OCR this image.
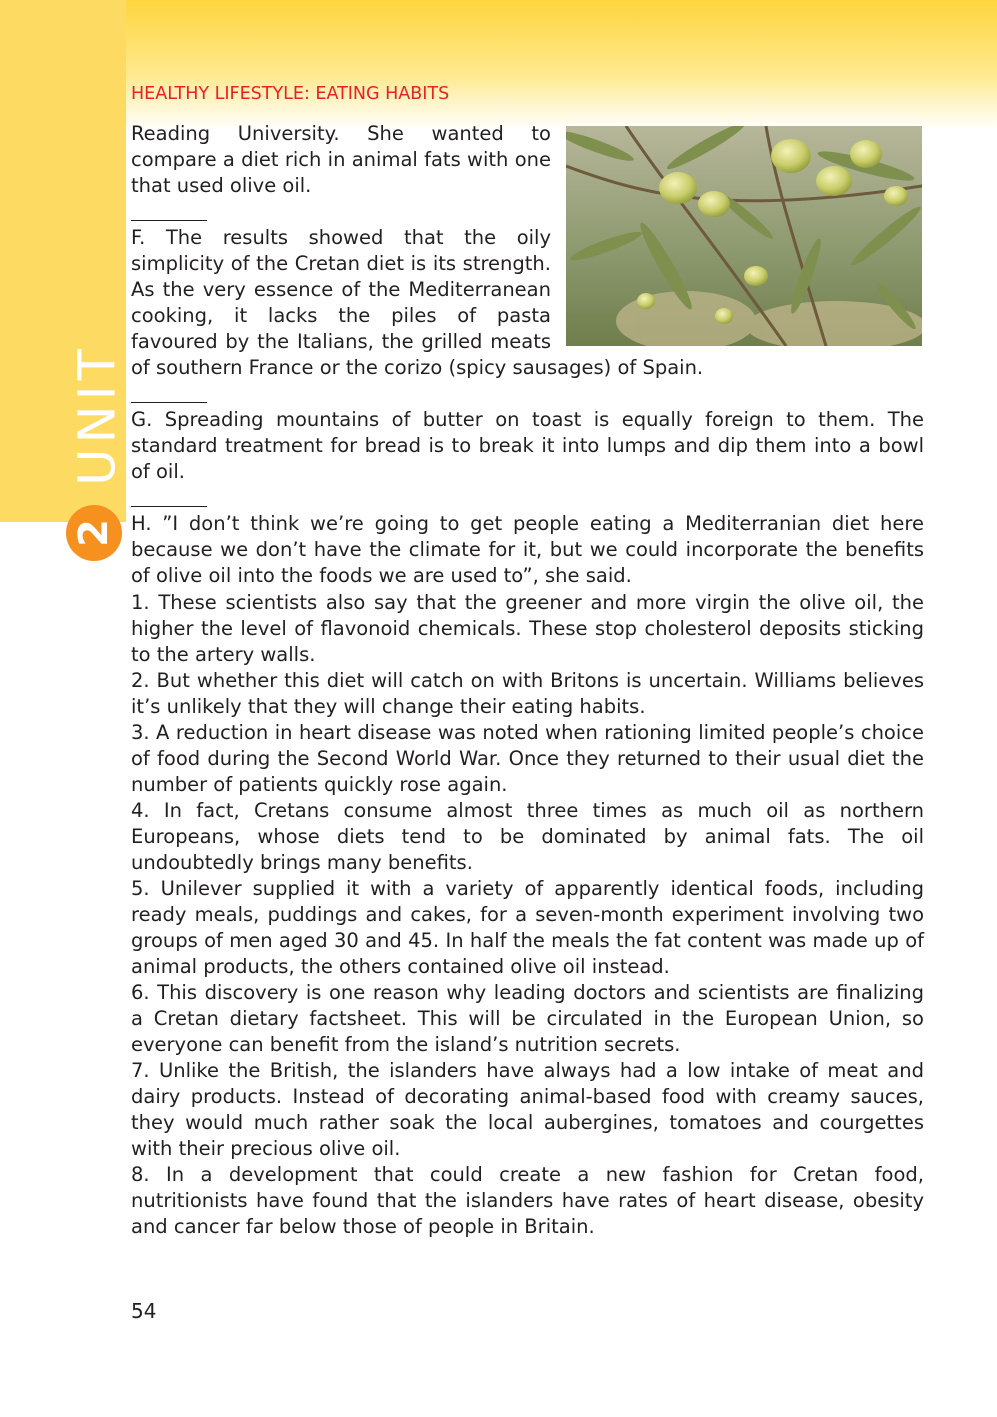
UNIT
2
HEALTHY LIFESTYLE: EATING HABITS
Reading University. She wanted to compare a diet rich in animal fats with one that used olive oil.
F. The results showed that the oily
simplicity of the Cretan diet is its strength.
As the very essence of the Mediterranean
cooking, it lacks the piles of pasta
favoured by the Italians, the grilled meats
of southern France or the corizo (spicy sausages) of Spain.
G. Spreading mountains of butter on toast is equally foreign to them. The standard treatment for bread is to break it into lumps and dip them into a bowl of oil.
H. ”I don’t think we’re going to get people eating a Mediterranian diet here because we don’t have the climate for it, but we could incorporate the benefits of olive oil into the foods we are used to”, she said.
1. These scientists also say that the greener and more virgin the olive oil, the higher the level of flavonoid chemicals. These stop cholesterol deposits sticking to the artery walls.
2. But whether this diet will catch on with Britons is uncertain. Williams believes it’s unlikely that they will change their eating habits.
3. A reduction in heart disease was noted when rationing limited people’s choice of food during the Second World War. Once they returned to their usual diet the number of patients quickly rose again.
4. In fact, Cretans consume almost three times as much oil as northern Europeans, whose diets tend to be dominated by animal fats. The oil undoubtedly brings many benefits.
5. Unilever supplied it with a variety of apparently identical foods, including ready meals, puddings and cakes, for a seven-month experiment involving two groups of men aged 30 and 45. In half the meals the fat content was made up of animal products, the others contained olive oil instead.
6. This discovery is one reason why leading doctors and scientists are finalizing a Cretan dietary factsheet. This will be circulated in the European Union, so everyone can benefit from the island’s nutrition secrets.
7. Unlike the British, the islanders have always had a low intake of meat and dairy products. Instead of decorating animal-based food with creamy sauces, they would much rather soak the local aubergines, tomatoes and courgettes with their precious olive oil.
8. In a development that could create a new fashion for Cretan food, nutritionists have found that the islanders have rates of heart disease, obesity and cancer far below those of people in Britain.
54
